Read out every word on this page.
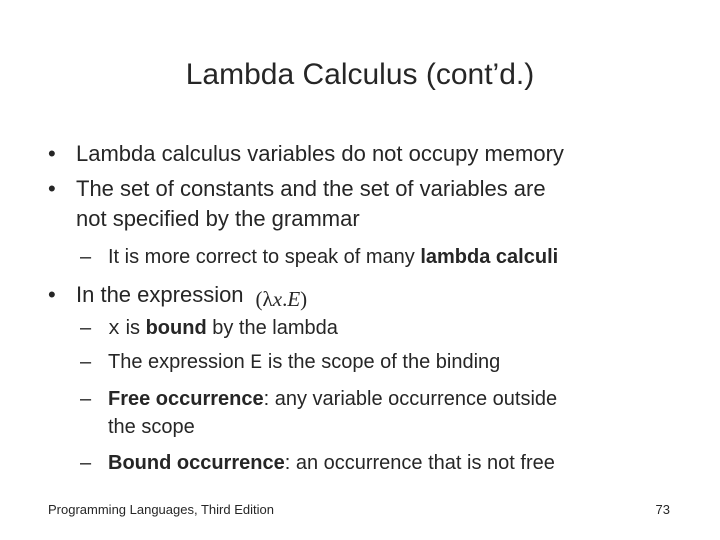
Lambda Calculus (cont’d.)
• Lambda calculus variables do not occupy memory
• The set of constants and the set of variables are
not specified by the grammar
– It is more correct to speak of many lambda calculi
• In the expression (λx.E)
– x is bound by the lambda
– The expression E is the scope of the binding
– Free occurrence: any variable occurrence outside
the scope
– Bound occurrence: an occurrence that is not free
Programming Languages, Third Edition	73
